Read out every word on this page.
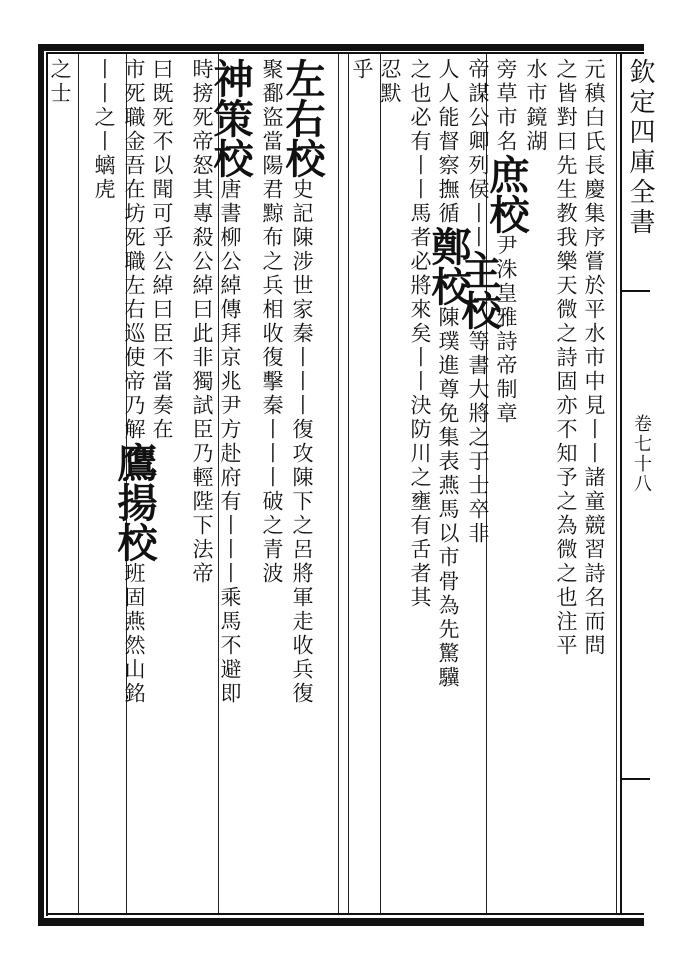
欽定四庫全書
卷七十八
元稹白氏長慶集序嘗於平水市中見丨丨諸童競習詩名而問
之皆對曰先生教我樂天微之詩固亦不知予之為微之也注平
水市鏡湖
旁草市名庶校尹洙皇雅詩帝制章
帝謀公卿列侯丨丨主校等書大將之于士卒非
人人能督察撫循鄭校陳璞進尊免集表燕馬以市骨為先驚驥
之也必有丨丨馬者必將來矣丨丨決防川之壅有舌者其
忍默
乎
左右校史記陳涉世家秦丨丨丨復攻陳下之呂將軍走收兵復
聚鄱盜當陽君黥布之兵相收復擊秦丨丨丨破之青波
神策校唐書柳公綽傳拜京兆尹方赴府有丨丨丨乘馬不避即
時搒死帝怒其專殺公綽曰此非獨試臣乃輕陛下法帝
曰既死不以聞可乎公綽曰臣不當奏在
市死職金吾在坊死職左右巡使帝乃解鷹揚校班固燕然山銘
丨丨之丨螭虎
之士
